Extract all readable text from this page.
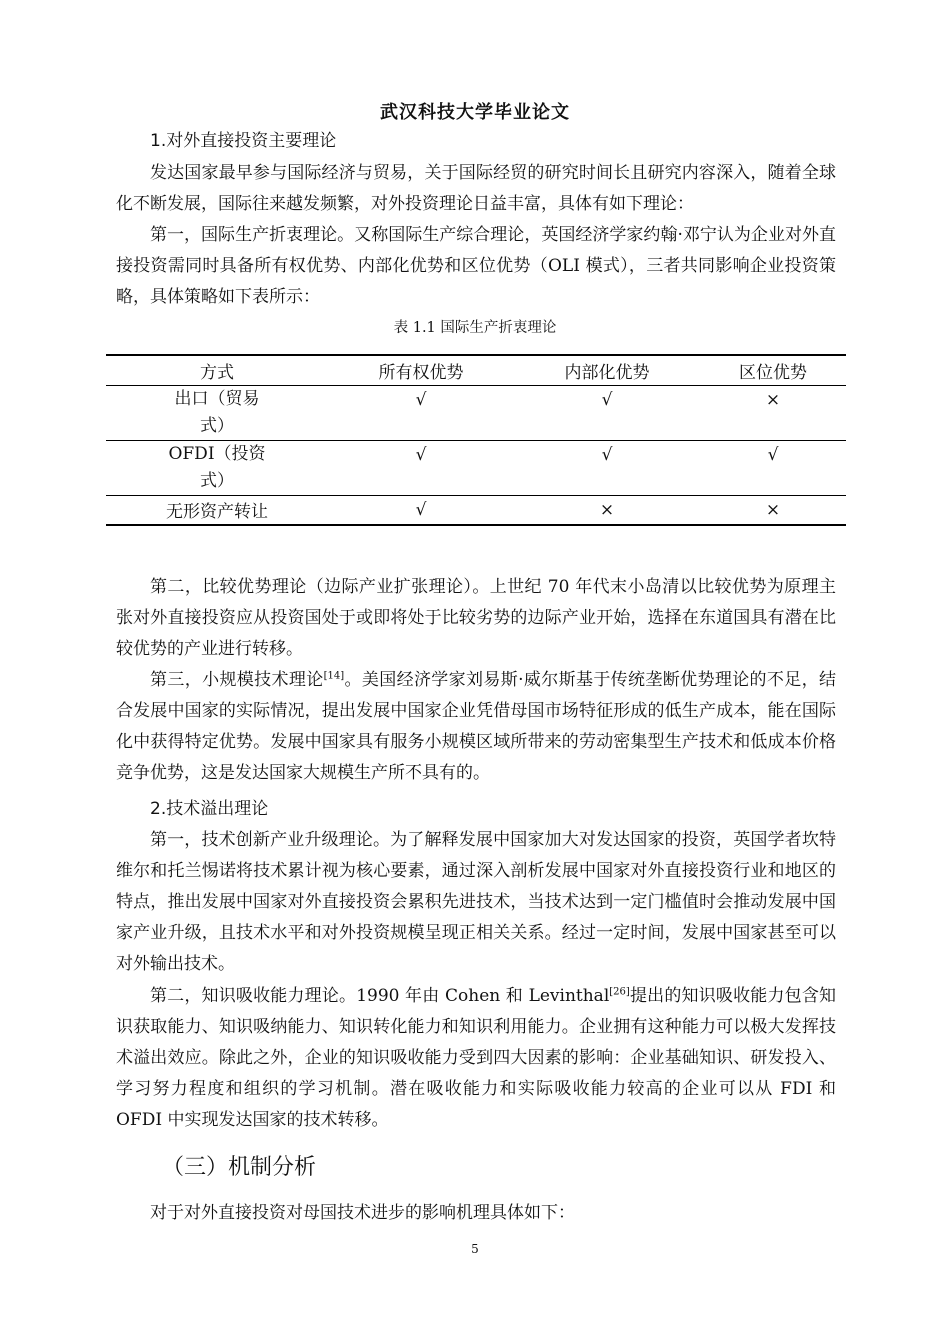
武汉科技大学毕业论文
1.对外直接投资主要理论

发达国家最早参与国际经济与贸易，关于国际经贸的研究时间长且研究内容深入，随着全球化不断发展，国际往来越发频繁，对外投资理论日益丰富，具体有如下理论：

第一，国际生产折衷理论。又称国际生产综合理论，英国经济学家约翰·邓宁认为企业对外直接投资需同时具备所有权优势、内部化优势和区位优势（OLI 模式），三者共同影响企业投资策略，具体策略如下表所示：

表 1.1 国际生产折衷理论
方式	所有权优势	内部化优势	区位优势
出口（贸易式）	√	√	×
OFDI（投资式）	√	√	√
无形资产转让	√	×	×

第二，比较优势理论（边际产业扩张理论）。上世纪 70 年代末小岛清以比较优势为原理主张对外直接投资应从投资国处于或即将处于比较劣势的边际产业开始，选择在东道国具有潜在比较优势的产业进行转移。

第三，小规模技术理论[14]。美国经济学家刘易斯·威尔斯基于传统垄断优势理论的不足，结合发展中国家的实际情况，提出发展中国家企业凭借母国市场特征形成的低生产成本，能在国际化中获得特定优势。发展中国家具有服务小规模区域所带来的劳动密集型生产技术和低成本价格竞争优势，这是发达国家大规模生产所不具有的。

2.技术溢出理论

第一，技术创新产业升级理论。为了解释发展中国家加大对发达国家的投资，英国学者坎特维尔和托兰惕诺将技术累计视为核心要素，通过深入剖析发展中国家对外直接投资行业和地区的特点，推出发展中国家对外直接投资会累积先进技术，当技术达到一定门槛值时会推动发展中国家产业升级，且技术水平和对外投资规模呈现正相关关系。经过一定时间，发展中国家甚至可以对外输出技术。

第二，知识吸收能力理论。1990 年由 Cohen 和 Levinthal[26]提出的知识吸收能力包含知识获取能力、知识吸纳能力、知识转化能力和知识利用能力。企业拥有这种能力可以极大发挥技术溢出效应。除此之外，企业的知识吸收能力受到四大因素的影响：企业基础知识、研发投入、学习努力程度和组织的学习机制。潜在吸收能力和实际吸收能力较高的企业可以从 FDI 和 OFDI 中实现发达国家的技术转移。

（三）机制分析

对于对外直接投资对母国技术进步的影响机理具体如下：

5
